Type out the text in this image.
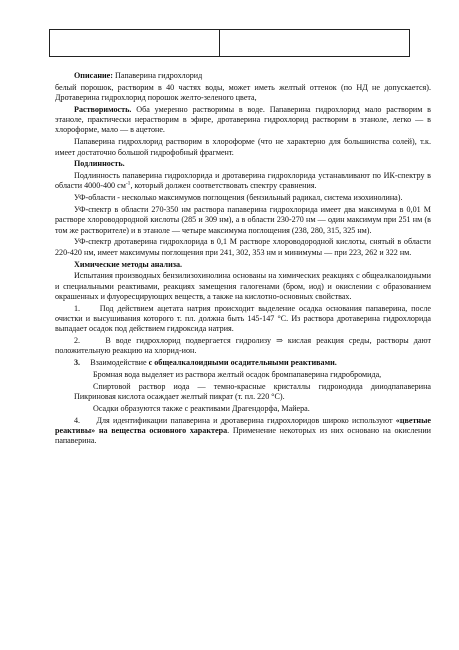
Описание: Папаверина гидрохлорид

белый порошок, растворим в 40 частях воды, может иметь желтый оттенок (по НД не допускается). Дротаверина гидрохлорид порошок желто-зеленого цвета,

Растворимость. Оба умеренно растворимы в воде. Папаверина гидрохлорид мало растворим в этаноле, практически нерастворим в эфире, дротаверина гидрохлорид растворим в этаноле, легко — в хлороформе, мало — в ацетоне.

Папаверина гидрохлорид растворим в хлороформе (что не характерно для большинства солей), т.к. имеет достаточно большой гидрофобный фрагмент.

Подлинность.

Подлинность папаверина гидрохлорида и дротаверина гидрохлорида устанавливают по ИК-спектру в области 4000-400 $см^{-1}$, который должен соответствовать спектру сравнения.

УФ-области - несколько максимумов поглощения (бензильный радикал, система изохинолина).

УФ-спектр в области 270-350 нм раствора папаверина гидрохлорида имеет два максимума в 0,01 М растворе хлороводородной кислоты (285 и 309 нм), а в области 230-270 нм — один максимум при 251 нм (в том же растворителе) и в этаноле — четыре максимума поглощения (238, 280, 315, 325 нм).

УФ-спектр дротаверина гидрохлорида в 0,1 М растворе хлороводородной кислоты, снятый в области 220-420 нм, имеет максимумы поглощения при 241, 302, 353 нм и минимумы — при 223, 262 и 322 нм.

Химические методы анализа.

Испытания производных бензилизохинолина основаны на химических реакциях с общеалкалоидными и специальными реактивами, реакциях замещения галогенами (бром, иод) и окислении с образованием окрашенных и флуоресцирующих веществ, а также на кислотно-основных свойствах.

1. Под действием ацетата натрия происходит выделение осадка основания папаверина, после очистки и высушивания которого т. пл. должна быть 145-147 °С. Из раствора дротаверина гидрохлорида выпадает осадок под действием гидроксида натрия.

2.	В воде гидрохлорид подвергается гидролизу ⇒ кислая реакция среды, растворы дают положительную реакцию на хлорид-ион.

3. Взаимодействие с общеалкалоидными осадительными реактивами.

Бромная вода выделяет из раствора желтый осадок бромпапаверина гидробромида,

Спиртовой раствор иода — темно-красные кристаллы гидроиодида дииодпапаверина Пикриновая кислота осаждает желтый пикрат (т. пл. 220 °С).

Осадки образуются также с реактивами Драгендорфа, Майера.

4. Для идентификации папаверина и дротаверина гидрохлоридов широко используют «цветные реактивы» на вещества основного характера. Применение некоторых из них основано на окислении папаверина.
